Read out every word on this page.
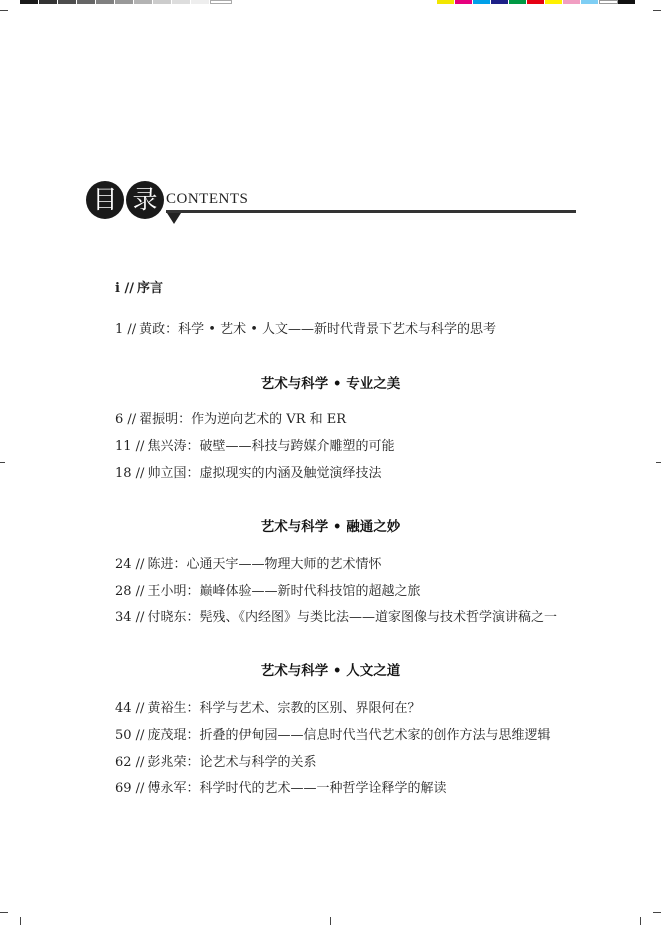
目 录 CONTENTS
i // 序言
1 // 黄政：科学 • 艺术 • 人文——新时代背景下艺术与科学的思考
艺术与科学 • 专业之美
6 // 翟振明：作为逆向艺术的 VR 和 ER
11 // 焦兴涛：破壁——科技与跨媒介雕塑的可能
18 // 帅立国：虚拟现实的内涵及触觉演绎技法
艺术与科学 • 融通之妙
24 // 陈进：心通天宇——物理大师的艺术情怀
28 // 王小明：巅峰体验——新时代科技馆的超越之旅
34 // 付晓东：髡残、《内经图》与类比法——道家图像与技术哲学演讲稿之一
艺术与科学 • 人文之道
44 // 黄裕生：科学与艺术、宗教的区别、界限何在？
50 // 庞茂琨：折叠的伊甸园——信息时代当代艺术家的创作方法与思维逻辑
62 // 彭兆荣：论艺术与科学的关系
69 // 傅永军：科学时代的艺术——一种哲学诠释学的解读
